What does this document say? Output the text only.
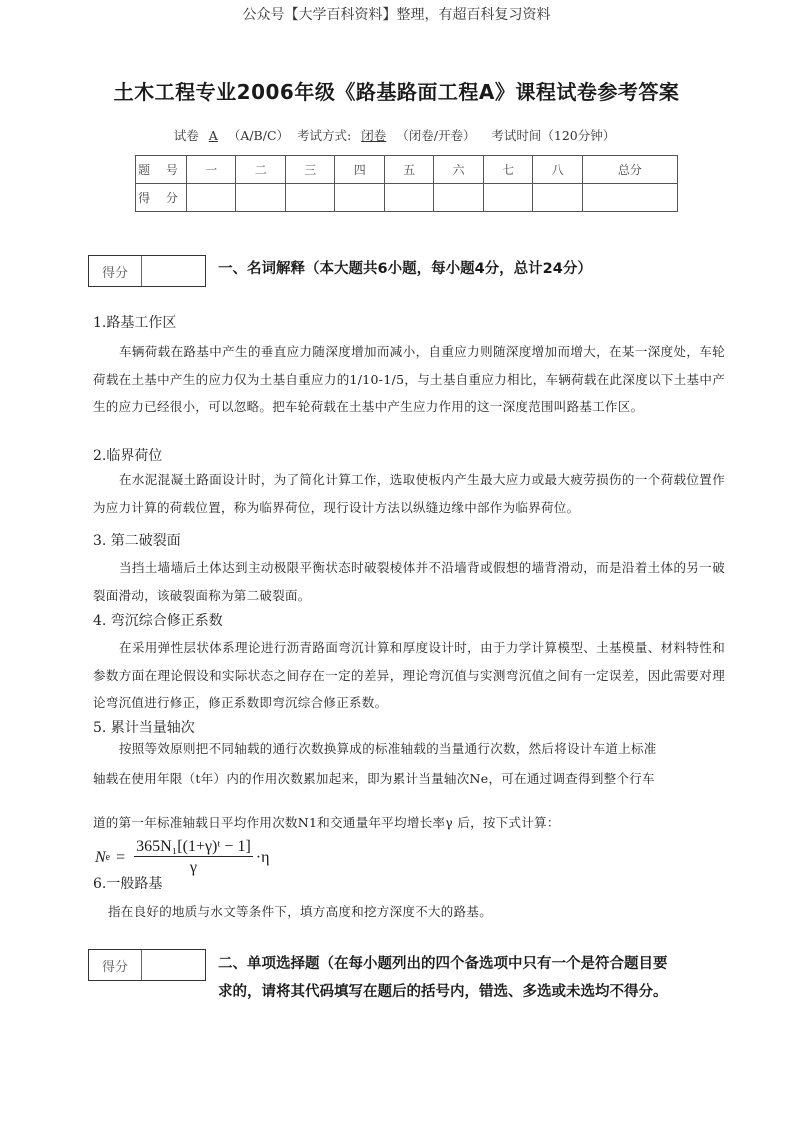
公众号【大学百科资料】整理，有超百科复习资料
土木工程专业2006年级《路基路面工程A》课程试卷参考答案
试卷 A （A/B/C） 考试方式: 闭卷 （闭卷/开卷） 考试时间（120分钟）
题 号	一	二	三	四	五	六	七	八	总分
得 分									
得分	一、名词解释（本大题共6小题，每小题4分，总计24分）
1.路基工作区
车辆荷载在路基中产生的垂直应力随深度增加而减小，自重应力则随深度增加而增大，在某一深度处，车轮荷载在土基中产生的应力仅为土基自重应力的1/10-1/5，与土基自重应力相比，车辆荷载在此深度以下土基中产生的应力已经很小，可以忽略。把车轮荷载在土基中产生应力作用的这一深度范围叫路基工作区。
2.临界荷位
在水泥混凝土路面设计时，为了简化计算工作，选取使板内产生最大应力或最大疲劳损伤的一个荷载位置作为应力计算的荷载位置，称为临界荷位，现行设计方法以纵缝边缘中部作为临界荷位。
3. 第二破裂面
当挡土墙墙后土体达到主动极限平衡状态时破裂棱体并不沿墙背或假想的墙背滑动，而是沿着土体的另一破裂面滑动，该破裂面称为第二破裂面。
4. 弯沉综合修正系数
在采用弹性层状体系理论进行沥青路面弯沉计算和厚度设计时，由于力学计算模型、土基模量、材料特性和参数方面在理论假设和实际状态之间存在一定的差异，理论弯沉值与实测弯沉值之间有一定误差，因此需要对理论弯沉值进行修正，修正系数即弯沉综合修正系数。
5. 累计当量轴次
按照等效原则把不同轴载的通行次数换算成的标准轴载的当量通行次数，然后将设计车道上标准
轴载在使用年限（t年）内的作用次数累加起来，即为累计当量轴次Ne，可在通过调查得到整个行车
道的第一年标准轴载日平均作用次数N1和交通量年平均增长率γ 后，按下式计算：
N $e = \frac{\text{365N₁[(1+γ)ᵗ − 1]}}{\gamma} \cdot\eta$
6.一般路基
指在良好的地质与水文等条件下，填方高度和挖方深度不大的路基。
得分	二、单项选择题（在每小题列出的四个备选项中只有一个是符合题目要
求的，请将其代码填写在题后的括号内，错选、多选或未选均不得分。
